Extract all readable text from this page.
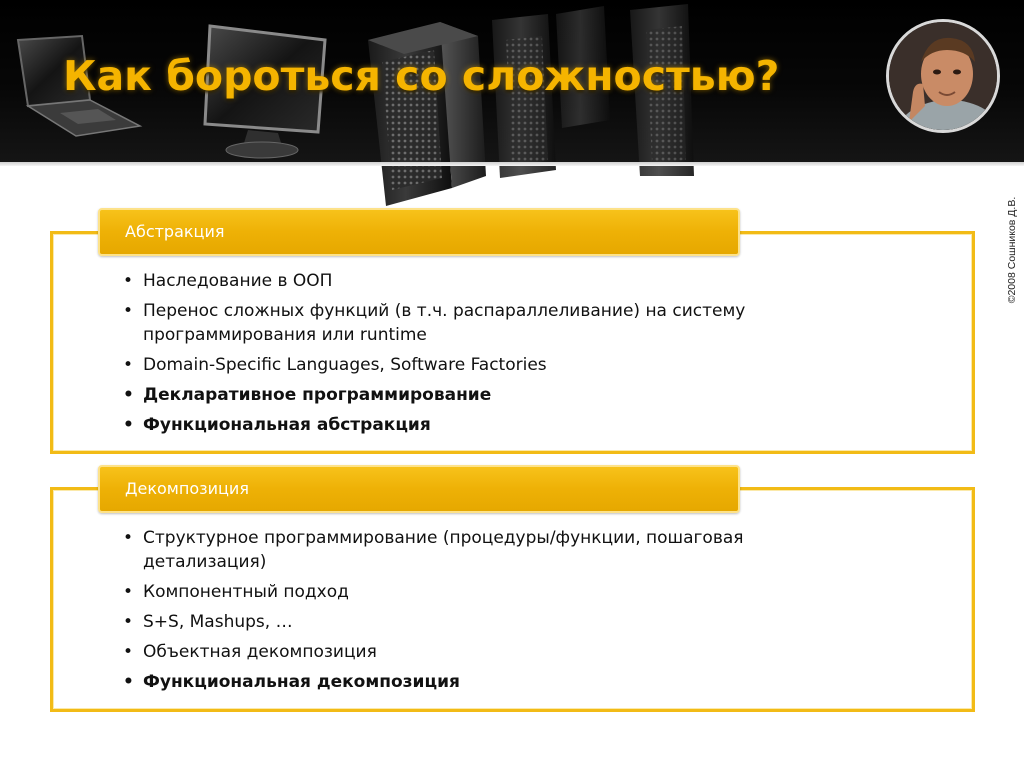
Как бороться со сложностью?
©2008 Сошников Д.В.
Абстракция
• Наследование в ООП
• Перенос сложных функций (в т.ч. распараллеливание) на систему программирования или runtime
• Domain-Specific Languages, Software Factories
• Декларативное программирование
• Функциональная абстракция
Декомпозиция
• Структурное программирование (процедуры/функции, пошаговая детализация)
• Компонентный подход
• S+S, Mashups, …
• Объектная декомпозиция
• Функциональная декомпозиция
